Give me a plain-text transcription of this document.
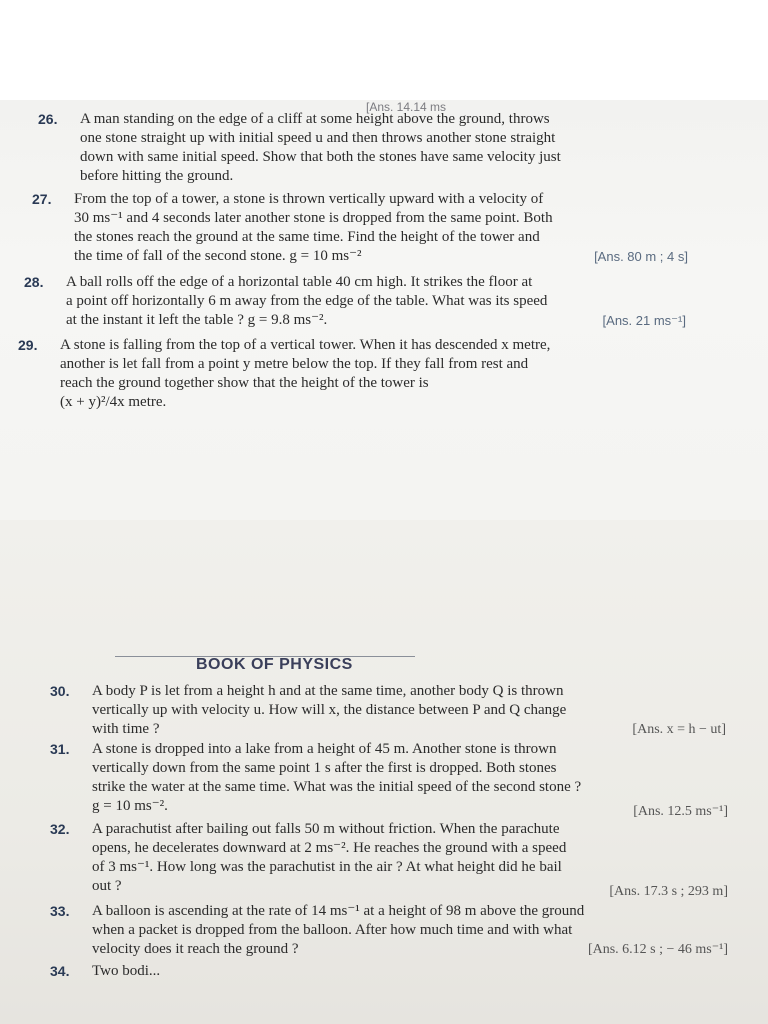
[Ans. 14.14 ms
26. A man standing on the edge of a cliff at some height above the ground, throws
one stone straight up with initial speed u and then throws another stone straight
down with same initial speed. Show that both the stones have same velocity just
before hitting the ground.
27. From the top of a tower, a stone is thrown vertically upward with a velocity of
30 ms⁻¹ and 4 seconds later another stone is dropped from the same point. Both
the stones reach the ground at the same time. Find the height of the tower and
the time of fall of the second stone. g = 10 ms⁻²	[Ans. 80 m ; 4 s]
28. A ball rolls off the edge of a horizontal table 40 cm high. It strikes the floor at
a point off horizontally 6 m away from the edge of the table. What was its speed
at the instant it left the table ? g = 9.8 ms⁻².	[Ans. 21 ms⁻¹]
29. A stone is falling from the top of a vertical tower. When it has descended x metre,
another is let fall from a point y metre below the top. If they fall from rest and
reach the ground together show that the height of the tower is
(x + y)²/4x metre.
BOOK OF PHYSICS
30. A body P is let from a height h and at the same time, another body Q is thrown
vertically up with velocity u. How will x, the distance between P and Q change
with time ?	[Ans. x = h − ut]
31. A stone is dropped into a lake from a height of 45 m. Another stone is thrown
vertically down from the same point 1 s after the first is dropped. Both stones
strike the water at the same time. What was the initial speed of the second stone ?
g = 10 ms⁻².	[Ans. 12.5 ms⁻¹]
32. A parachutist after bailing out falls 50 m without friction. When the parachute
opens, he decelerates downward at 2 ms⁻². He reaches the ground with a speed
of 3 ms⁻¹. How long was the parachutist in the air ? At what height did he bail
out ?	[Ans. 17.3 s ; 293 m]
33. A balloon is ascending at the rate of 14 ms⁻¹ at a height of 98 m above the ground
when a packet is dropped from the balloon. After how much time and with what
velocity does it reach the ground ?	[Ans. 6.12 s ; − 46 ms⁻¹]
34. Two bodi...
